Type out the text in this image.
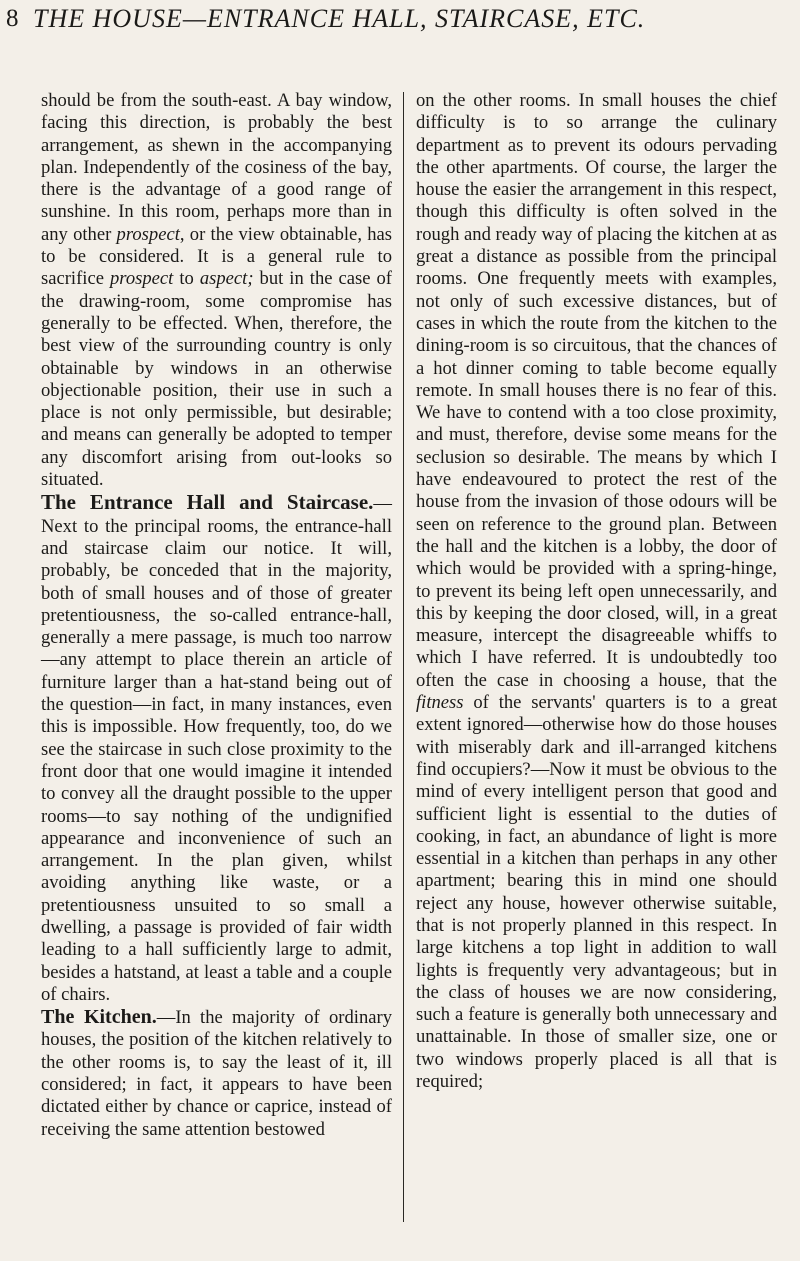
8 THE HOUSE—ENTRANCE HALL, STAIRCASE, ETC.

should be from the south-east. A bay window, facing this direction, is probably the best arrangement, as shewn in the accompanying plan. Independently of the cosiness of the bay, there is the advantage of a good range of sunshine. In this room, perhaps more than in any other prospect, or the view obtainable, has to be considered. It is a general rule to sacrifice prospect to aspect; but in the case of the drawing-room, some compromise has generally to be effected. When, therefore, the best view of the surrounding country is only obtainable by windows in an otherwise objectionable position, their use in such a place is not only permissible, but desirable; and means can generally be adopted to temper any discomfort arising from out-looks so situated.

The Entrance Hall and Staircase.—Next to the principal rooms, the entrance-hall and staircase claim our notice. It will, probably, be conceded that in the majority, both of small houses and of those of greater pretentiousness, the so-called entrance-hall, generally a mere passage, is much too narrow—any attempt to place therein an article of furniture larger than a hat-stand being out of the question—in fact, in many instances, even this is impossible. How frequently, too, do we see the staircase in such close proximity to the front door that one would imagine it intended to convey all the draught possible to the upper rooms—to say nothing of the undignified appearance and inconvenience of such an arrangement. In the plan given, whilst avoiding anything like waste, or a pretentiousness unsuited to so small a dwelling, a passage is provided of fair width leading to a hall sufficiently large to admit, besides a hatstand, at least a table and a couple of chairs.

The Kitchen.—In the majority of ordinary houses, the position of the kitchen relatively to the other rooms is, to say the least of it, ill considered; in fact, it appears to have been dictated either by chance or caprice, instead of receiving the same attention bestowed

on the other rooms. In small houses the chief difficulty is to so arrange the culinary department as to prevent its odours pervading the other apartments. Of course, the larger the house the easier the arrangement in this respect, though this difficulty is often solved in the rough and ready way of placing the kitchen at as great a distance as possible from the principal rooms. One frequently meets with examples, not only of such excessive distances, but of cases in which the route from the kitchen to the dining-room is so circuitous, that the chances of a hot dinner coming to table become equally remote. In small houses there is no fear of this. We have to contend with a too close proximity, and must, therefore, devise some means for the seclusion so desirable. The means by which I have endeavoured to protect the rest of the house from the invasion of those odours will be seen on reference to the ground plan. Between the hall and the kitchen is a lobby, the door of which would be provided with a spring-hinge, to prevent its being left open unnecessarily, and this by keeping the door closed, will, in a great measure, intercept the disagreeable whiffs to which I have referred. It is undoubtedly too often the case in choosing a house, that the fitness of the servants' quarters is to a great extent ignored—otherwise how do those houses with miserably dark and ill-arranged kitchens find occupiers?—Now it must be obvious to the mind of every intelligent person that good and sufficient light is essential to the duties of cooking, in fact, an abundance of light is more essential in a kitchen than perhaps in any other apartment; bearing this in mind one should reject any house, however otherwise suitable, that is not properly planned in this respect. In large kitchens a top light in addition to wall lights is frequently very advantageous; but in the class of houses we are now considering, such a feature is generally both unnecessary and unattainable. In those of smaller size, one or two windows properly placed is all that is required;
